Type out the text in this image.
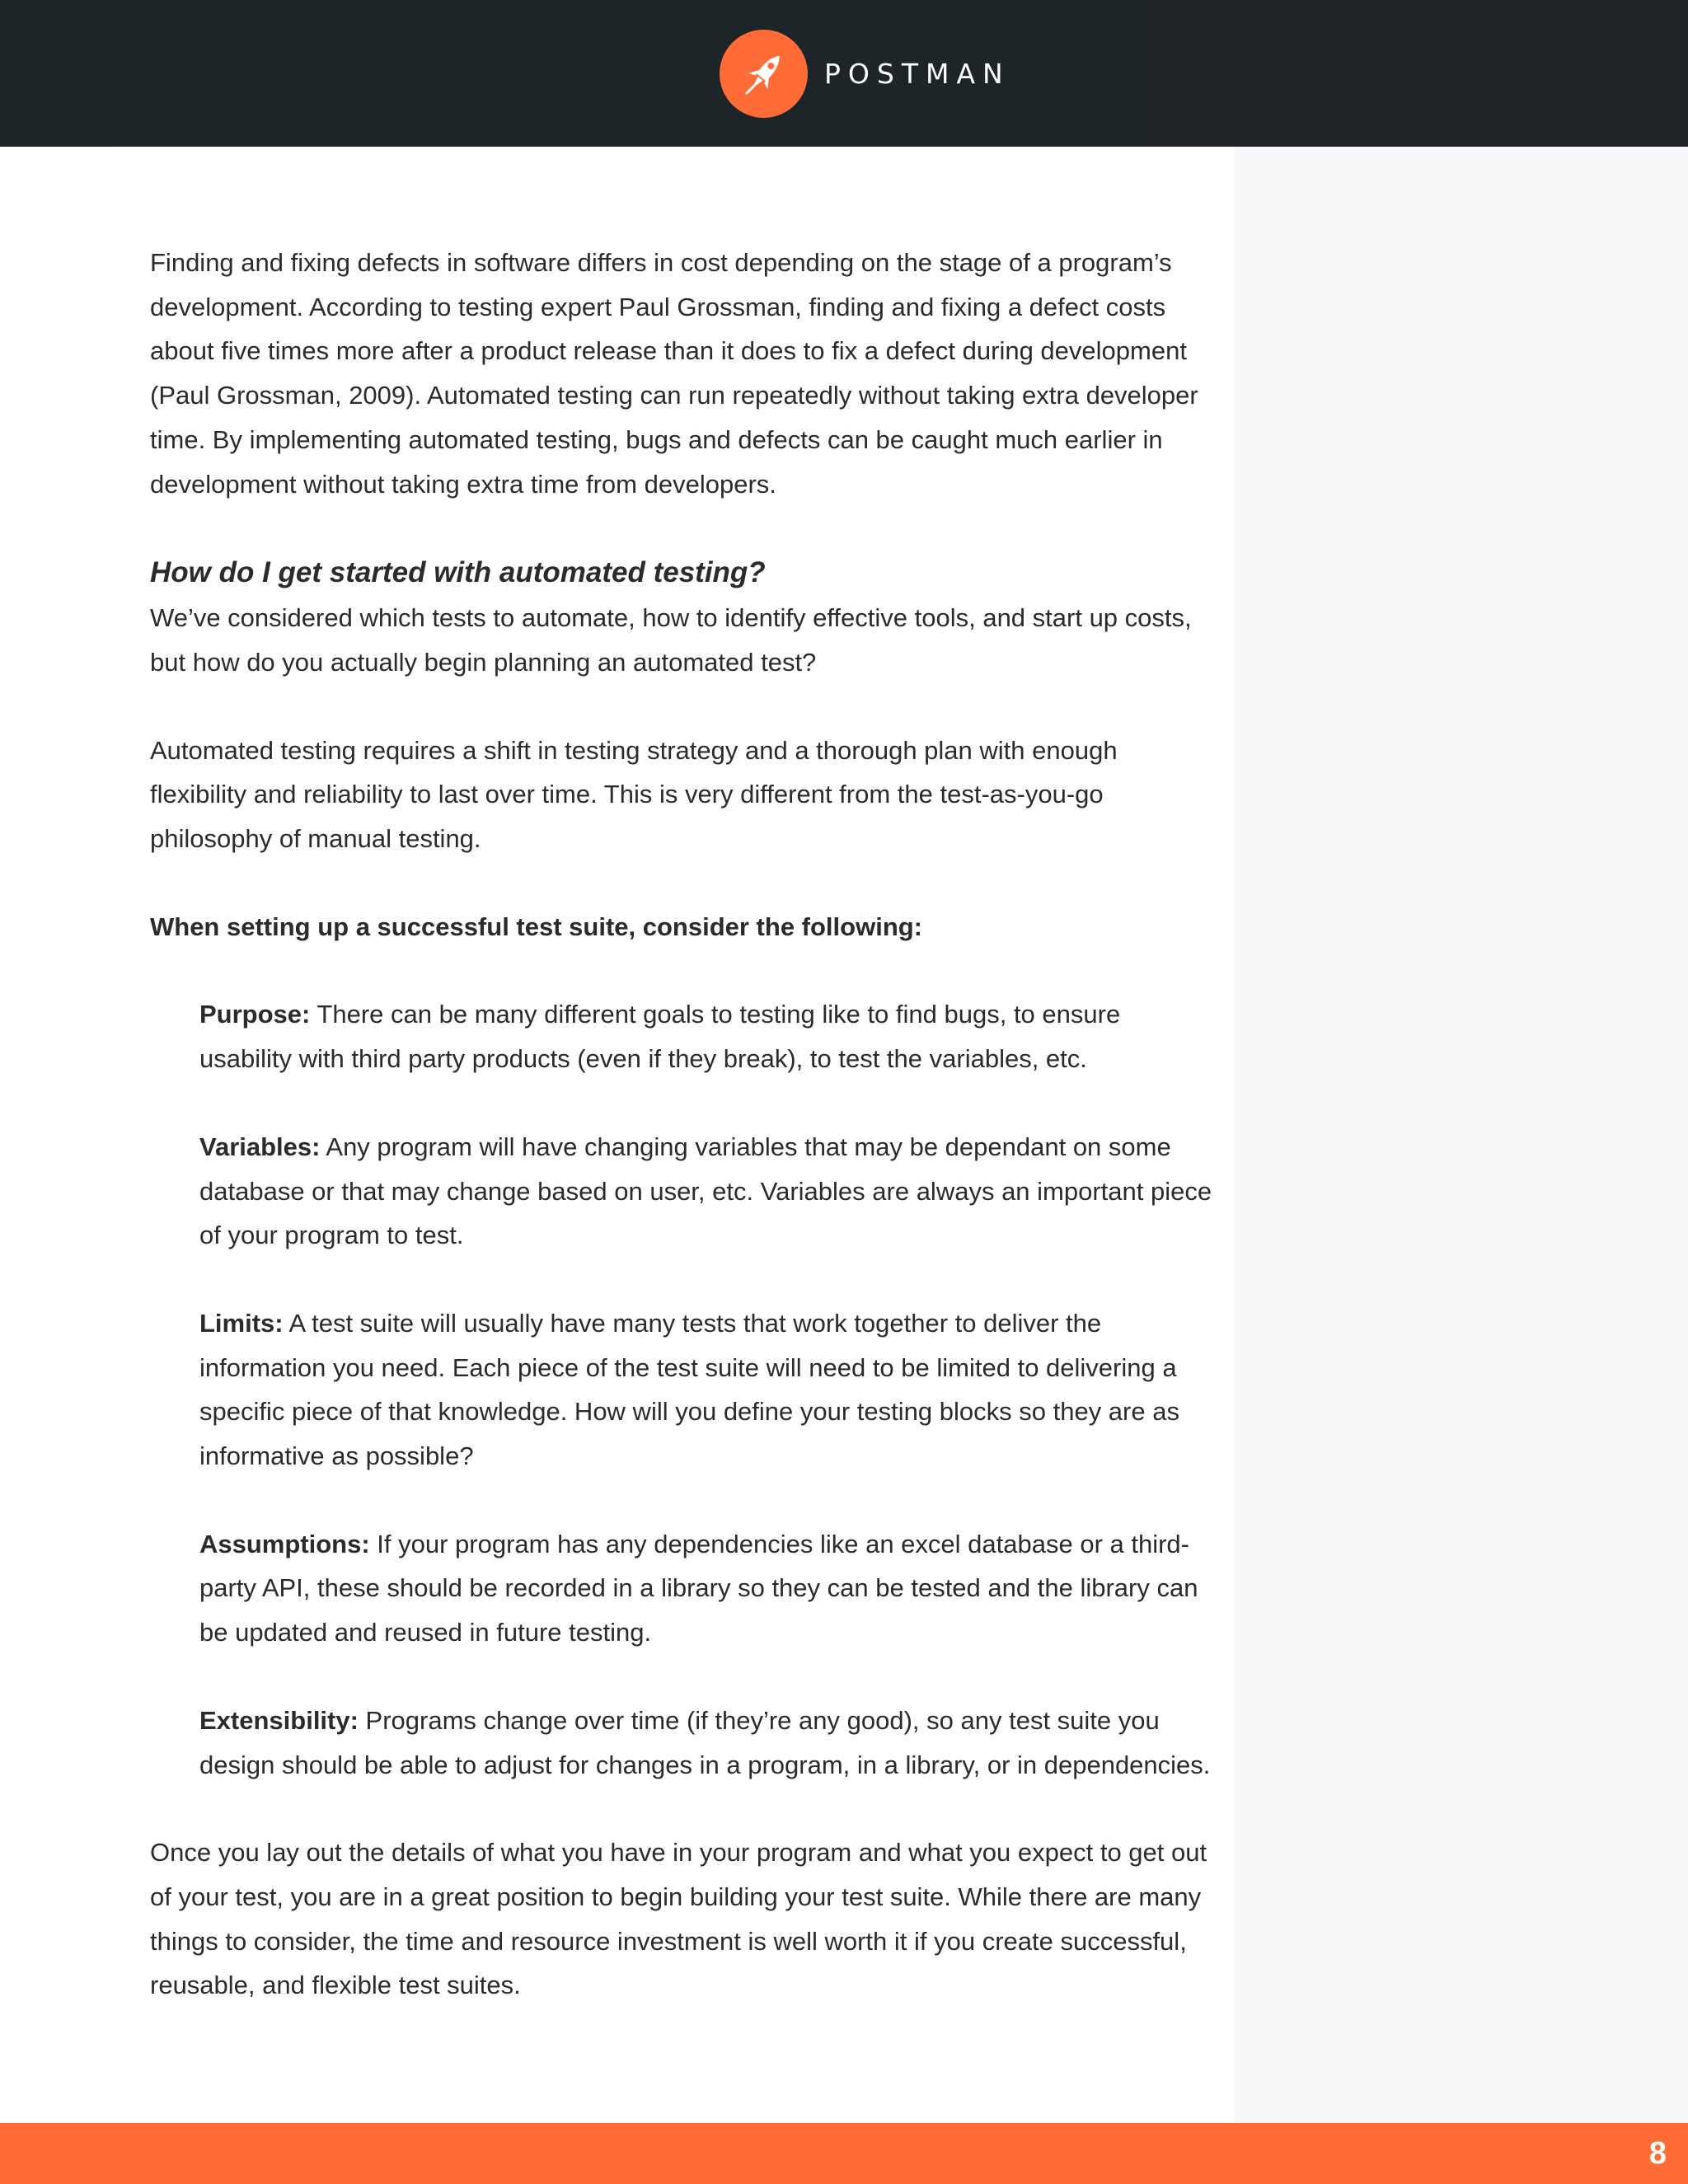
POSTMAN

Finding and fixing defects in software differs in cost depending on the stage of a program’s development. According to testing expert Paul Grossman, finding and fixing a defect costs about five times more after a product release than it does to fix a defect during development (Paul Grossman, 2009). Automated testing can run repeatedly without taking extra developer time. By implementing automated testing, bugs and defects can be caught much earlier in development without taking extra time from developers.

How do I get started with automated testing?

We’ve considered which tests to automate, how to identify effective tools, and start up costs, but how do you actually begin planning an automated test?

Automated testing requires a shift in testing strategy and a thorough plan with enough flexibility and reliability to last over time. This is very different from the test-as-you-go philosophy of manual testing.

When setting up a successful test suite, consider the following:

Purpose: There can be many different goals to testing like to find bugs, to ensure usability with third party products (even if they break), to test the variables, etc.

Variables: Any program will have changing variables that may be dependant on some database or that may change based on user, etc. Variables are always an important piece of your program to test.

Limits: A test suite will usually have many tests that work together to deliver the information you need. Each piece of the test suite will need to be limited to delivering a specific piece of that knowledge. How will you define your testing blocks so they are as informative as possible?

Assumptions: If your program has any dependencies like an excel database or a third-party API, these should be recorded in a library so they can be tested and the library can be updated and reused in future testing.

Extensibility: Programs change over time (if they’re any good), so any test suite you design should be able to adjust for changes in a program, in a library, or in dependencies.

Once you lay out the details of what you have in your program and what you expect to get out of your test, you are in a great position to begin building your test suite. While there are many things to consider, the time and resource investment is well worth it if you create successful, reusable, and flexible test suites.

8
